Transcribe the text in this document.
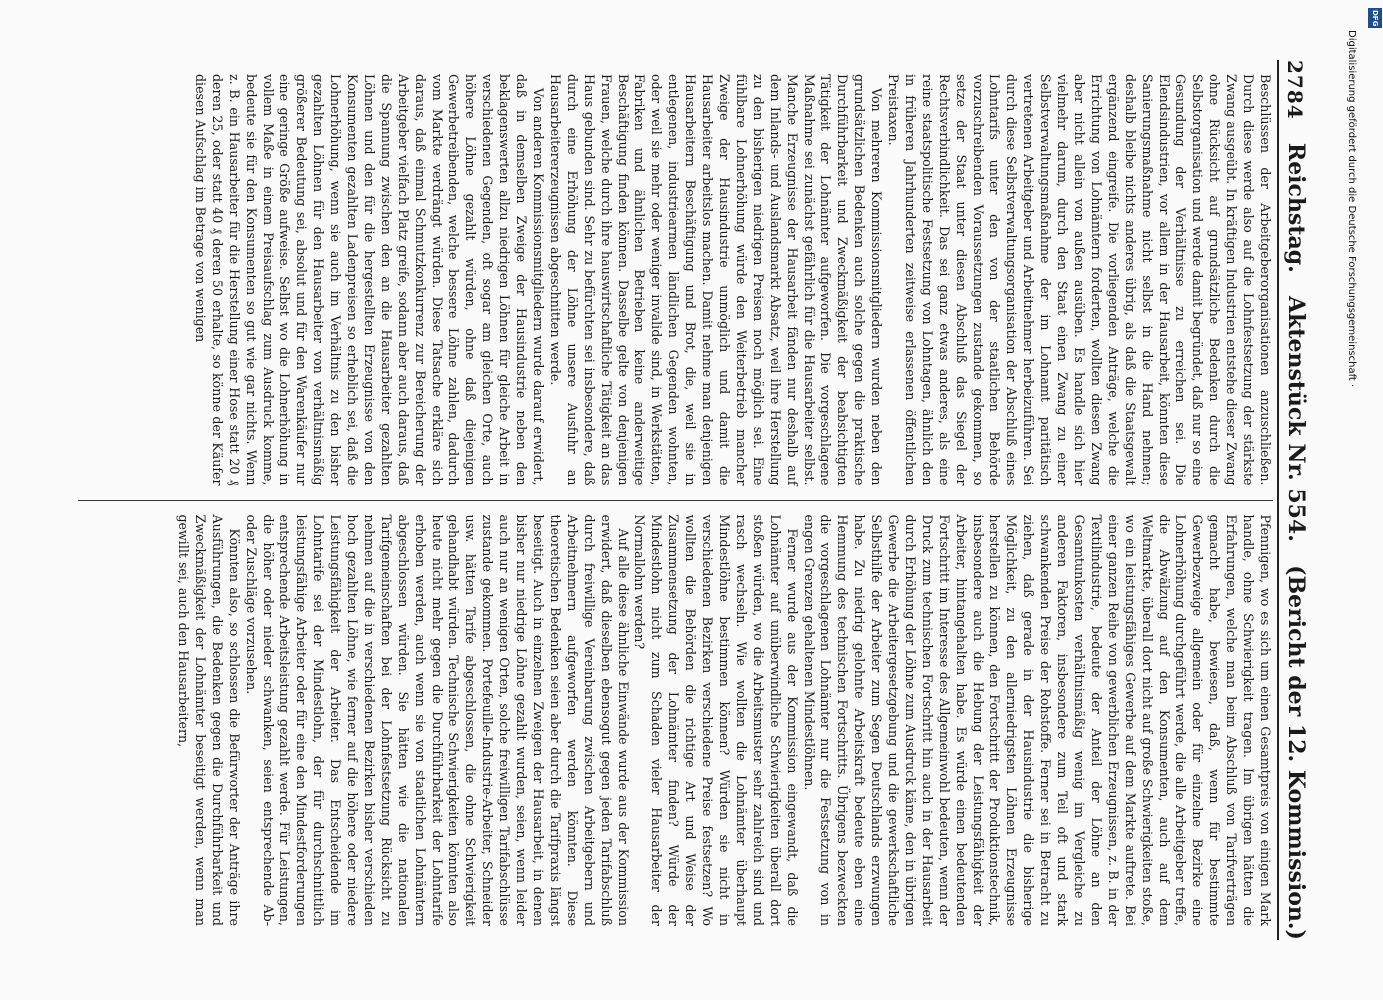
2784
Reichstag.
Aktenstück Nr. 554.
(Bericht der 12. Kommission.)

Beschlüssen der Arbeitgeberorganisationen anzuschließen. Durch diese werde also auf die Lohnfestsetzung der stärkste Zwang ausgeübt. In kräftigen Industrien entstehe dieser Zwang ohne Rücksicht auf grundsätzliche Bedenken durch die Selbstorganisation und werde damit begründet, daß nur so eine Gesundung der Verhältnisse zu erreichen sei. Die Elendsindustrien, vor allem in der Hausarbeit, könnten diese Sanierungsmaßnahme nicht selbst in die Hand nehmen; deshalb bleibe nichts anderes übrig, als daß die Staatsgewalt ergänzend eingreife. Die vorliegenden Anträge, welche die Errichtung von Lohnämtern forderten, wollten diesen Zwang aber nicht allein von außen ausüben. Es handle sich hier vielmehr darum, durch den Staat einen Zwang zu einer Selbstverwaltungsmaßnahme der im Lohnamt paritätisch vertretenen Arbeitgeber und Arbeitnehmer herbeizuführen. Sei durch diese Selbstverwaltungsorganisation der Abschluß eines Lohntarifs unter den von der staatlichen Behörde vorzuschreibenden Voraussetzungen zustande gekommen, so setze der Staat unter diesen Abschluß das Siegel der Rechtsverbindlichkeit. Das sei ganz etwas anderes, als eine reine staatspolitische Festsetzung von Lohntagen, ähnlich den in früheren Jahrhunderten zeitweise erlassenen öffentlichen Preistaxen.

Von mehreren Kommissionsmitgliedern wurden neben den grundsätzlichen Bedenken auch solche gegen die praktische Durchführbarkeit und Zweckmäßigkeit der beabsichtigten Tätigkeit der Lohnämter aufgeworfen. Die vorgeschlagene Maßnahme sei zunächst gefährlich für die Hausarbeiter selbst. Manche Erzeugnisse der Hausarbeit fänden nur deshalb auf dem Inlands- und Auslandsmarkt Absatz, weil ihre Herstellung zu den bisherigen niedrigen Preisen noch möglich sei. Eine fühlbare Lohnerhöhung würde den Weiterbetrieb mancher Zweige der Hausindustrie unmöglich und damit die Hausarbeiter arbeitslos machen. Damit nehme man denjenigen Hausarbeitern Beschäftigung und Brot, die, weil sie in entlegenen, industriearmen ländlichen Gegenden wohnten, oder weil sie mehr oder weniger invalide sind, in Werkstätten, Fabriken und ähnlichen Betrieben keine anderweitige Beschäftigung finden können. Dasselbe gelte von denjenigen Frauen, welche durch ihre hauswirtschaftliche Tätigkeit an das Haus gebunden sind. Sehr zu befürchten sei insbesondere, daß durch eine Erhöhung der Löhne unsere Ausfuhr an Hausarbeitererzeugnissen abgeschnitten werde.

Von anderen Kommissionsmitgliedern wurde darauf erwidert, daß in demselben Zweige der Hausindustrie neben den beklagenswerten allzu niedrigen Löhnen für gleiche Arbeit in verschiedenen Gegenden, oft sogar am gleichen Orte, auch höhere Löhne gezahlt würden, ohne daß diejenigen Gewerbetreibenden, welche bessere Löhne zahlen, dadurch vom Markte verdrängt würden. Diese Tatsache erkläre sich daraus, daß einmal Schmutzkonkurrenz zur Bereicherung der Arbeitgeber vielfach Platz greife, sodann aber auch daraus, daß die Spannung zwischen den an die Hausarbeiter gezahlten Löhnen und den für die hergestellten Erzeugnisse von den Konsumenten gezahlten Ladenpreisen so erheblich sei, daß die Lohnerhöhung, wenn sie auch im Verhältnis zu den bisher gezahlten Löhnen für den Hausarbeiter von verhältnismäßig größerer Bedeutung sei, absolut und für den Warenkäufer nur eine geringe Größe aufweise. Selbst wo die Lohnerhöhung in vollem Maße in einem Preisaufschlag zum Ausdruck komme, bedeute sie für den Konsumenten so gut wie gar nichts. Wenn z. B. ein Hausarbeiter für die Herstellung einer Hose statt 20 ₰ deren 25, oder statt 40 ₰ deren 50 erhalte, so könne der Käufer diesen Aufschlag im Betrage von wenigen

Pfennigen, wo es sich um einen Gesamtpreis von einigen Mark handle, ohne Schwierigkeit tragen. Im übrigen hätten die Erfahrungen, welche man beim Abschluß von Tarifverträgen gemacht habe, bewiesen, daß, wenn für bestimmte Gewerbezweige allgemein oder für einzelne Bezirke eine Lohnerhöhung durchgeführt werde, die alle Arbeitgeber treffe, die Abwälzung auf den Konsumenten, auch auf dem Weltmarkte, überall dort nicht auf große Schwierigkeiten stoße, wo ein leistungsfähiges Gewerbe auf dem Markte auftrete. Bei einer ganzen Reihe von gewerblichen Erzeugnissen, z. B. in der Textilindustrie, bedeute der Anteil der Löhne an den Gesamtunkosten verhältnismäßig wenig im Vergleiche zu anderen Faktoren, insbesondere zum Teil oft und stark schwankenden Preise der Rohstoffe. Ferner sei in Betracht zu ziehen, daß gerade in der Hausindustrie die bisherige Möglichkeit, zu den allerniedrigsten Löhnen Erzeugnisse herstellen zu können, den Fortschritt der Produktionstechnik, insbesondere auch die Hebung der Leistungsfähigkeit der Arbeiter, hintangehalten habe. Es würde einen bedeutenden Fortschritt im Interesse des Allgemeinwohl bedeuten, wenn der Druck zum technischen Fortschritt hin auch in der Hausarbeit durch Erhöhung der Löhne zum Ausdruck käme, den in übrigen Gewerbe die Arbeitergesetzgebung und die gewerkschaftliche Selbsthilfe der Arbeiter zum Segen Deutschlands erzwungen habe. Zu niedrig gelohnte Arbeitskraft bedeute eben eine Hemmung des technischen Fortschritts. Übrigens bezweckten die vorgeschlagenen Lohnämter nur die Festsetzung von in engen Grenzen gehaltenen Mindestlöhnen.

Ferner wurde aus der Kommission eingewandt, daß die Lohnämter auf unüberwindliche Schwierigkeiten überall dort stoßen würden, wo die Arbeitsmuster sehr zahlreich sind und rasch wechseln. Wie wollten die Lohnämter überhaupt Mindestlöhne bestimmen können? Würden sie nicht in verschiedenen Bezirken verschiedene Preise festsetzen? Wo wollten die Behörden die richtige Art und Weise der Zusammensetzung der Lohnämter finden? Würde der Mindestlohn nicht zum Schaden vieler Hausarbeiter der Normallohn werden?

Auf alle diese ähnliche Einwände wurde aus der Kommission erwidert, daß dieselben ebensogut gegen jeden Tarifabschluß durch freiwillige Vereinbarung zwischen Arbeitgebern und Arbeitnehmern aufgeworfen werden könnten. Diese theoretischen Bedenken seien aber durch die Tarifpraxis längst beseitigt. Auch in einzelnen Zweigen der Hausarbeit, in denen bisher nur niedrige Löhne gezahlt wurden, seien, wenn leider auch nur an wenigen Orten, solche freiwilligen Tarifabschlüsse zustande gekommen. Portefeuille-Industrie-Arbeiter, Schneider usw. hätten Tarife abgeschlossen, die ohne Schwierigkeit gehandhabt würden. Technische Schwierigkeiten könnten also heute nicht mehr gegen die Durchführbarkeit der Lohntarife erhoben werden, auch wenn sie von staatlichen Lohnämtern abgeschlossen würden. Sie hätten wie die nationalen Tarifgemeinschaften bei der Lohnfestsetzung Rücksicht zu nehmen auf die in verschiedenen Bezirken bisher verschieden hoch gezahlten Löhne, wie ferner auf die höhere oder niedere Leistungsfähigkeit der Arbeiter. Das Entscheidende im Lohntarife sei der Mindestlohn, der für durchschnittlich leistungsfähige Arbeiter oder für eine den Mindestforderungen entsprechende Arbeitsleistung gezahlt werde. Für Leistungen, die höher oder nieder schwanken, seien entsprechende Ab- oder Zuschläge vorzusehen.

Könnten also, so schlossen die Befürworter der Anträge ihre Ausführungen, die Bedenken gegen die Durchführbarkeit und Zweckmäßigkeit der Lohnämter beseitigt werden, wenn man gewillt sei, auch den Hausarbeitern,

DFG
Digitalisierung gefördert durch die Deutsche Forschungsgemeinschaft ·
